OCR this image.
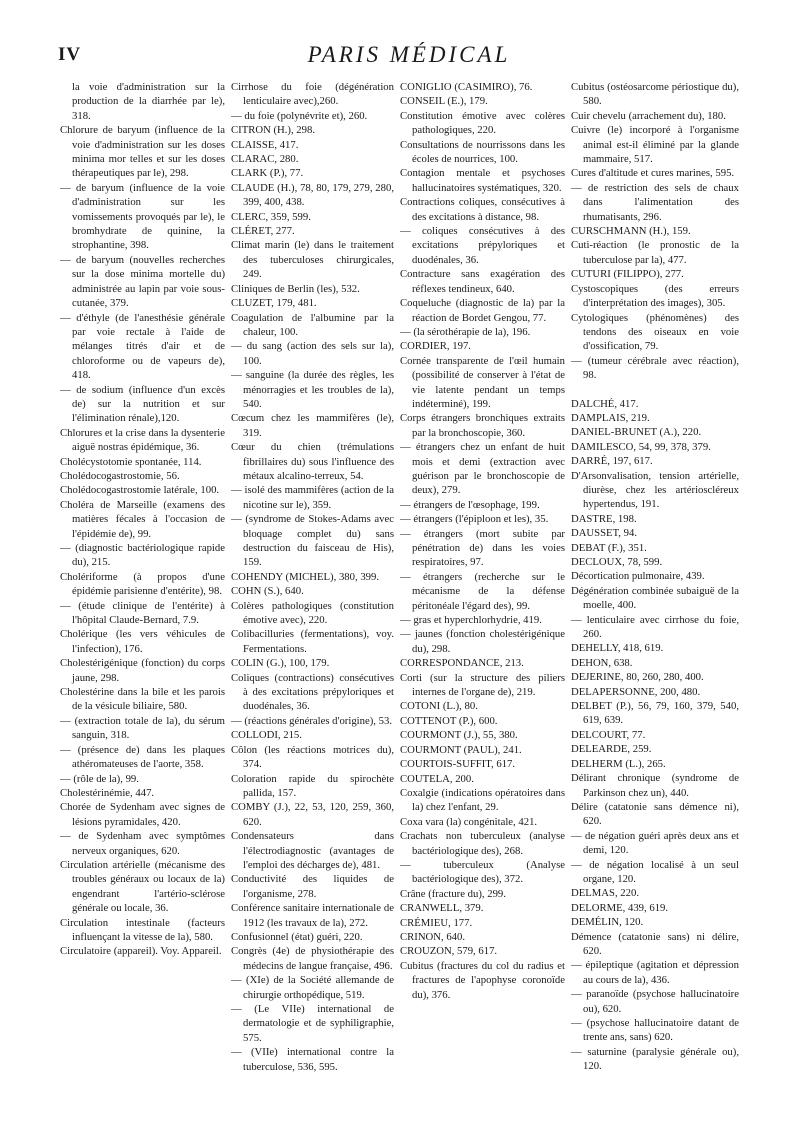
IV	PARIS MÉDICAL
la voie d'administration sur la production de la diarrhée par le), 318.
Chlorure de baryum (influence de la voie d'administration sur les doses minima mor telles et sur les doses thérapeutiques par le), 298.
— de baryum (influence de la voie d'administration sur les vomissements provoqués par le), le bromhydrate de quinine, la strophantine, 398.
— de baryum (nouvelles recherches sur la dose minima mortelle du) administrée au lapin par voie sous-cutanée, 379.
— d'éthyle (de l'anesthésie générale par voie rectale à l'aide de mélanges titrés d'air et de chloroforme ou de vapeurs de), 418.
— de sodium (influence d'un excès de) sur la nutrition et sur l'élimination rénale),120.
Chlorures et la crise dans la dysenterie aiguë nostras épidémique, 36.
Cholécystotomie spontanée, 114.
Cholédocogastrostomie, 56.
Cholédocogastrostomie latérale, 100.
Choléra de Marseille (examens des matières fécales à l'occasion de l'épidémie de), 99.
— (diagnostic bactériologique rapide du), 215.
Cholériforme (à propos d'une épidémie parisienne d'entérite), 98.
— (étude clinique de l'entérite) à l'hôpital Claude-Bernard, 7.9.
Cholérique (les vers véhicules de l'infection), 176.
Cholestérigénique (fonction) du corps jaune, 298.
Cholestérine dans la bile et les parois de la vésicule biliaire, 580.
— (extraction totale de la), du sérum sanguin, 318.
— (présence de) dans les plaques athéromateuses de l'aorte, 358.
— (rôle de la), 99.
Cholestérinémie, 447.
Chorée de Sydenham avec signes de lésions pyramidales, 420.
— de Sydenham avec symptômes nerveux organiques, 620.
Circulation artérielle (mécanisme des troubles généraux ou locaux de la) engendrant l'artério-sclérose générale ou locale, 36.
Circulation intestinale (facteurs influençant la vitesse de la), 580.
Circulatoire (appareil). Voy. Appareil.
Cirrhose du foie (dégénération lenticulaire avec),260.
— du foie (polynévrite et), 260.
CITRON (H.), 298.
CLAISSE, 417.
CLARAC, 280.
CLARK (P.), 77.
CLAUDE (H.), 78, 80, 179, 279, 280, 399, 400, 438.
CLERC, 359, 599.
CLÉRET, 277.
Climat marin (le) dans le traitement des tuberculoses chirurgicales, 249.
Cliniques de Berlin (les), 532.
CLUZET, 179, 481.
Coagulation de l'albumine par la chaleur, 100.
— du sang (action des sels sur la), 100.
— sanguine (la durée des règles, les ménorragies et les troubles de la), 540.
Cœcum chez les mammifères (le), 319.
Cœur du chien (trémulations fibrillaires du) sous l'influence des métaux alcalino-terreux, 54.
— isolé des mammifères (action de la nicotine sur le), 359.
— (syndrome de Stokes-Adams avec bloquage complet du) sans destruction du faisceau de His), 159.
COHENDY (MICHEL), 380, 399.
COHN (S.), 640.
Colères pathologiques (constitution émotive avec), 220.
Colibacilluries (fermentations), voy. Fermentations.
COLIN (G.), 100, 179.
Coliques (contractions) consécutives à des excitations prépyloriques et duodénales, 36.
— (réactions générales d'origine), 53.
COLLODI, 215.
Côlon (les réactions motrices du), 374.
Coloration rapide du spirochète pallida, 157.
COMBY (J.), 22, 53, 120, 259, 360, 620.
Condensateurs dans l'électrodiagnostic (avantages de l'emploi des décharges de), 481.
Conductivité des liquides de l'organisme, 278.
Conférence sanitaire internationale de 1912 (les travaux de la), 272.
Confusionnel (état) guéri, 220.
Congrès (4e) de physiothérapie des médecins de langue française, 496.
— (XIe) de la Société allemande de chirurgie orthopédique, 519.
— (Le VIIe) international de dermatologie et de syphiligraphie, 575.
— (VIIe) international contre la tuberculose, 536, 595.
CONIGLIO (CASIMIRO), 76.
CONSEIL (E.), 179.
Constitution émotive avec colères pathologiques, 220.
Consultations de nourrissons dans les écoles de nourrices, 100.
Contagion mentale et psychoses hallucinatoires systématiques, 320.
Contractions coliques, consécutives à des excitations à distance, 98.
— coliques consécutives à des excitations prépyloriques et duodénales, 36.
Contracture sans exagération des réflexes tendineux, 640.
Coqueluche (diagnostic de la) par la réaction de Bordet Gengou, 77.
— (la sérothérapie de la), 196.
CORDIER, 197.
Cornée transparente de l'œil humain (possibilité de conserver à l'état de vie latente pendant un temps indéterminé), 199.
Corps étrangers bronchiques extraits par la bronchoscopie, 360.
— étrangers chez un enfant de huit mois et demi (extraction avec guérison par le bronchoscopie de deux), 279.
— étrangers de l'œsophage, 199.
— étrangers (l'épiploon et les), 35.
— étrangers (mort subite par pénétration de) dans les voies respiratoires, 97.
— étrangers (recherche sur le mécanisme de la défense péritonéale l'égard des), 99.
— gras et hyperchlorhydrie, 419.
— jaunes (fonction cholestérigénique du), 298.
CORRESPONDANCE, 213.
Corti (sur la structure des piliers internes de l'organe de), 219.
COTONI (L.), 80.
COTTENOT (P.), 600.
COURMONT (J.), 55, 380.
COURMONT (PAUL), 241.
COURTOIS-SUFFIT, 617.
COUTELA, 200.
Coxalgie (indications opératoires dans la) chez l'enfant, 29.
Coxa vara (la) congénitale, 421.
Crachats non tuberculeux (analyse bactériologique des), 268.
— tuberculeux (Analyse bactériologique des), 372.
Crâne (fracture du), 299.
CRANWELL, 379.
CRÉMIEU, 177.
CRINON, 640.
CROUZON, 579, 617.
Cubitus (fractures du col du radius et fractures de l'apophyse coronoïde du), 376.
Cubitus (ostéosarcome périostique du), 580.
Cuir chevelu (arrachement du), 180.
Cuivre (le) incorporé à l'organisme animal est-il éliminé par la glande mammaire, 517.
Cures d'altitude et cures marines, 595.
— de restriction des sels de chaux dans l'alimentation des rhumatisants, 296.
CURSCHMANN (H.), 159.
Cuti-réaction (le pronostic de la tuberculose par la), 477.
CUTURI (FILIPPO), 277.
Cystoscopiques (des erreurs d'interprétation des images), 305.
Cytologiques (phénomènes) des tendons des oiseaux en voie d'ossification, 79.
— (tumeur cérébrale avec réaction), 98.
DALCHÉ, 417.
DAMPLAIS, 219.
DANIEL-BRUNET (A.), 220.
DAMILESCO, 54, 99, 378, 379.
DARRÉ, 197, 617.
D'Arsonvalisation, tension artérielle, diurèse, chez les artérioscléreux hypertendus, 191.
DASTRE, 198.
DAUSSET, 94.
DEBAT (F.), 351.
DECLOUX, 78, 599.
Décortication pulmonaire, 439.
Dégénération combinée subaiguë de la moelle, 400.
— lenticulaire avec cirrhose du foie, 260.
DEHELLY, 418, 619.
DEHON, 638.
DEJERINE, 80, 260, 280, 400.
DELAPERSONNE, 200, 480.
DELBET (P.), 56, 79, 160, 379, 540, 619, 639.
DELCOURT, 77.
DELEARDE, 259.
DELHERM (L.), 265.
Délirant chronique (syndrome de Parkinson chez un), 440.
Délire (catatonie sans démence ni), 620.
— de négation guéri après deux ans et demi, 120.
— de négation localisé à un seul organe, 120.
DELMAS, 220.
DELORME, 439, 619.
DEMÉLIN, 120.
Démence (catatonie sans) ni délire, 620.
— épileptique (agitation et dépression au cours de la), 436.
— paranoïde (psychose hallucinatoire ou), 620.
— (psychose hallucinatoire datant de trente ans, sans) 620.
— saturnine (paralysie générale ou), 120.
